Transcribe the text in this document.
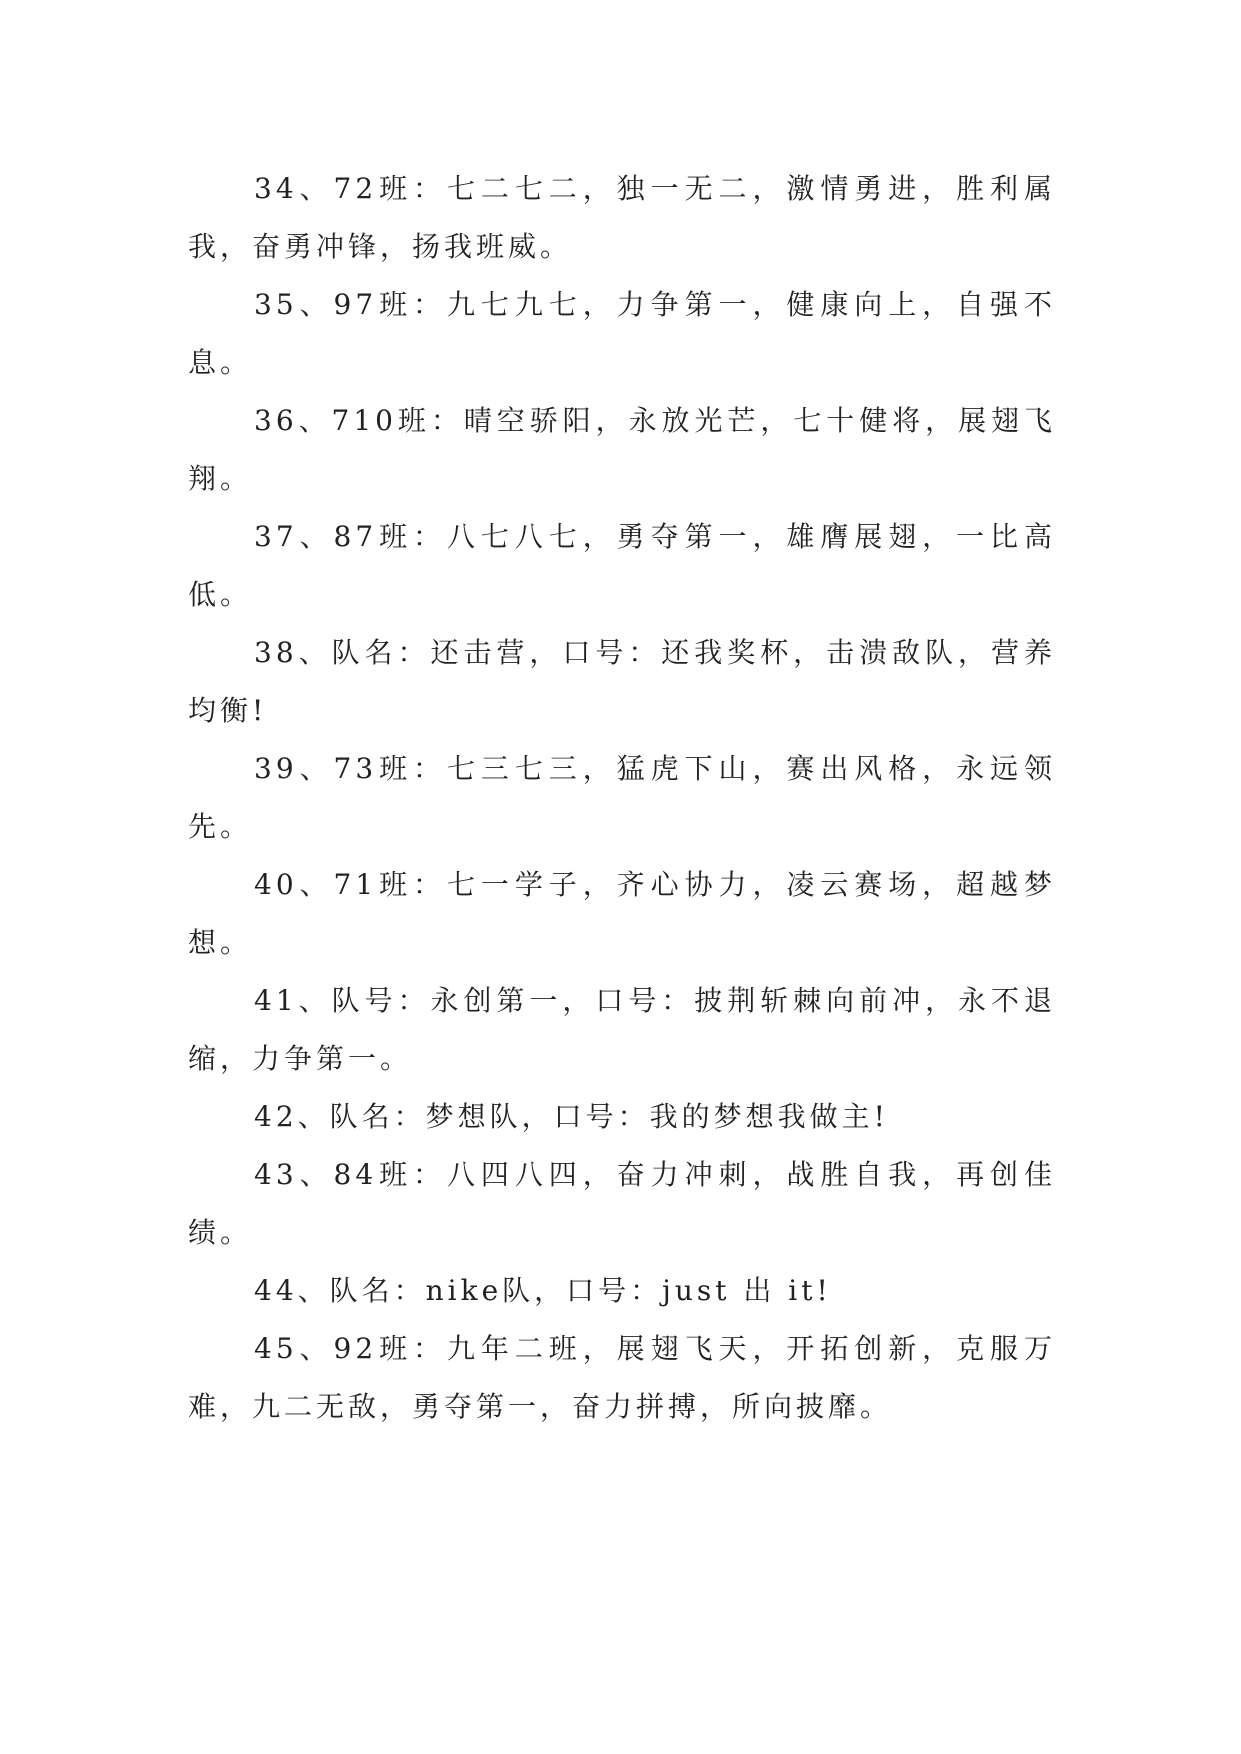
34、72班：七二七二，独一无二，激情勇进，胜利属我，奋勇冲锋，扬我班威。

35、97班：九七九七，力争第一，健康向上，自强不息。

36、710班：晴空骄阳，永放光芒，七十健将，展翅飞翔。

37、87班：八七八七，勇夺第一，雄膺展翅，一比高低。

38、队名：还击营，口号：还我奖杯，击溃敌队，营养均衡!

39、73班：七三七三，猛虎下山，赛出风格，永远领先。

40、71班：七一学子，齐心协力，凌云赛场，超越梦想。

41、队号：永创第一，口号：披荆斩棘向前冲，永不退缩，力争第一。

42、队名：梦想队，口号：我的梦想我做主!

43、84班：八四八四，奋力冲刺，战胜自我，再创佳绩。

44、队名：nike队，口号：just 出 it!

45、92班：九年二班，展翅飞天，开拓创新，克服万难，九二无敌，勇夺第一，奋力拼搏，所向披靡。
